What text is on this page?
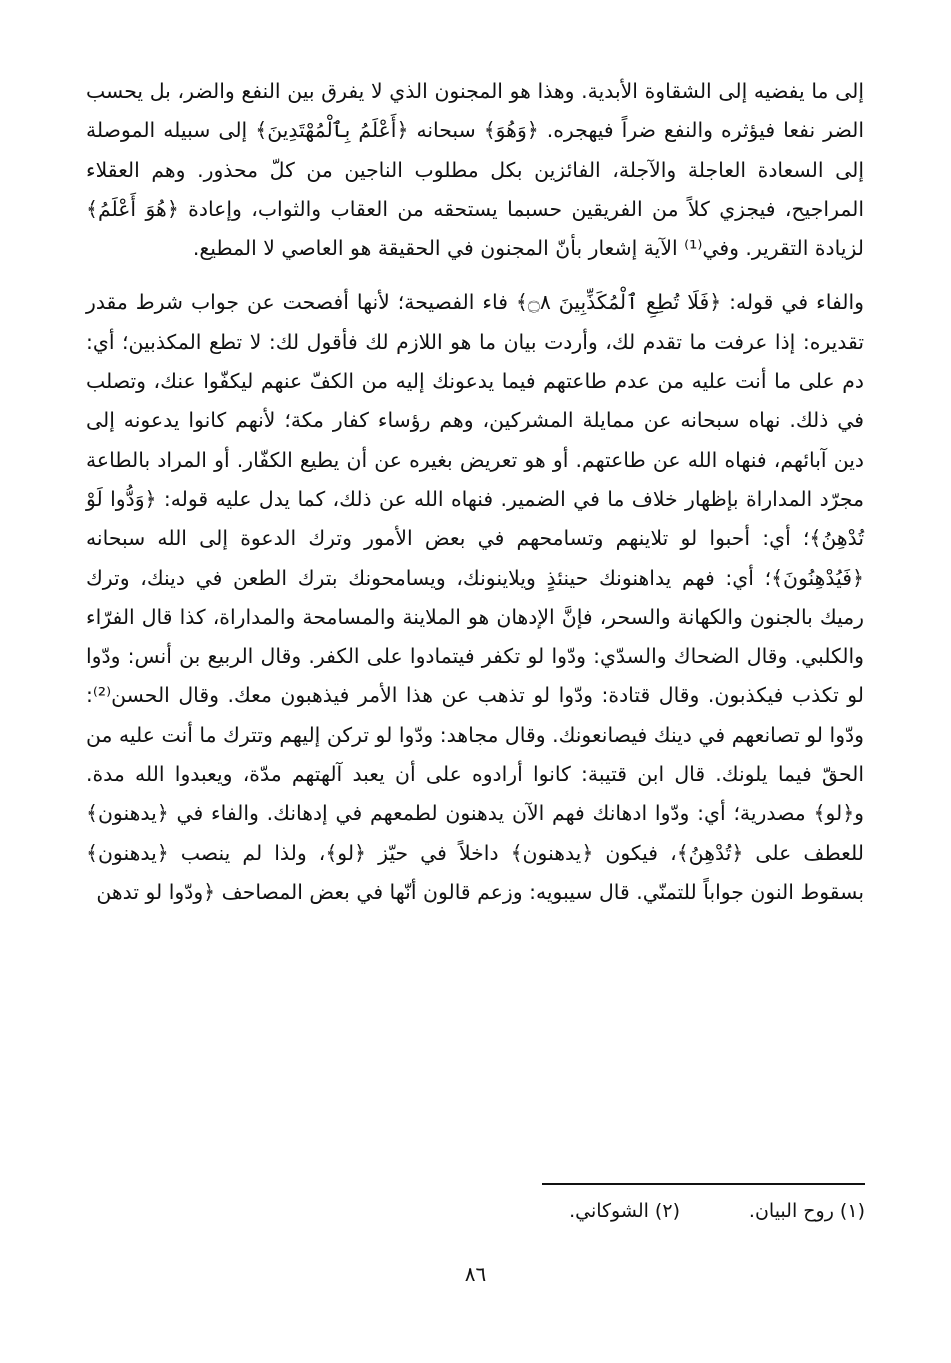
إلى ما يفضيه إلى الشقاوة الأبدية. وهذا هو المجنون الذي لا يفرق بين النفع والضر، بل يحسب الضر نفعا فيؤثره والنفع ضراً فيهجره. ﴿وَهُوَ﴾ سبحانه ﴿أَعْلَمُ بِٱلْمُهْتَدِينَ﴾ إلى سبيله الموصلة إلى السعادة العاجلة والآجلة، الفائزين بكل مطلوب الناجين من كلّ محذور. وهم العقلاء المراجيح، فيجزي كلاً من الفريقين حسبما يستحقه من العقاب والثواب، وإعادة ﴿هُوَ أَعْلَمُ﴾ لزيادة التقرير. وفي⁽¹⁾ الآية إشعار بأنّ المجنون في الحقيقة هو العاصي لا المطيع.

والفاء في قوله: ﴿فَلَا تُطِعِ ٱلْمُكَذِّبِينَ ۝٨﴾ فاء الفصيحة؛ لأنها أفصحت عن جواب شرط مقدر تقديره: إذا عرفت ما تقدم لك، وأردت بيان ما هو اللازم لك فأقول لك: لا تطع المكذبين؛ أي: دم على ما أنت عليه من عدم طاعتهم فيما يدعونك إليه من الكفّ عنهم ليكفّوا عنك، وتصلب في ذلك. نهاه سبحانه عن ممايلة المشركين، وهم رؤساء كفار مكة؛ لأنهم كانوا يدعونه إلى دين آبائهم، فنهاه الله عن طاعتهم. أو هو تعريض بغيره عن أن يطيع الكفّار. أو المراد بالطاعة مجرّد المداراة بإظهار خلاف ما في الضمير. فنهاه الله عن ذلك، كما يدل عليه قوله: ﴿وَدُّوا لَوْ تُدْهِنُ﴾؛ أي: أحبوا لو تلاينهم وتسامحهم في بعض الأمور وترك الدعوة إلى الله سبحانه ﴿فَيُدْهِنُونَ﴾؛ أي: فهم يداهنونك حينئذٍ ويلاينونك، ويسامحونك بترك الطعن في دينك، وترك رميك بالجنون والكهانة والسحر، فإنَّ الإدهان هو الملاينة والمسامحة والمداراة، كذا قال الفرّاء والكلبي. وقال الضحاك والسدّي: ودّوا لو تكفر فيتمادوا على الكفر. وقال الربيع بن أنس: ودّوا لو تكذب فيكذبون. وقال قتادة: ودّوا لو تذهب عن هذا الأمر فيذهبون معك. وقال الحسن⁽²⁾: ودّوا لو تصانعهم في دينك فيصانعونك. وقال مجاهد: ودّوا لو تركن إليهم وتترك ما أنت عليه من الحقّ فيما يلونك. قال ابن قتيبة: كانوا أرادوه على أن يعبد آلهتهم مدّة، ويعبدوا الله مدة. و﴿لو﴾ مصدرية؛ أي: ودّوا ادهانك فهم الآن يدهنون لطمعهم في إدهانك. والفاء في ﴿يدهنون﴾ للعطف على ﴿تُدْهِنُ﴾، فيكون ﴿يدهنون﴾ داخلاً في حيّز ﴿لو﴾، ولذا لم ينصب ﴿يدهنون﴾ بسقوط النون جواباً للتمنّي. قال سيبويه: وزعم قالون أنّها في بعض المصاحف ﴿ودّوا لو تدهن

(١) روح البيان.
(٢) الشوكاني.
٨٦
